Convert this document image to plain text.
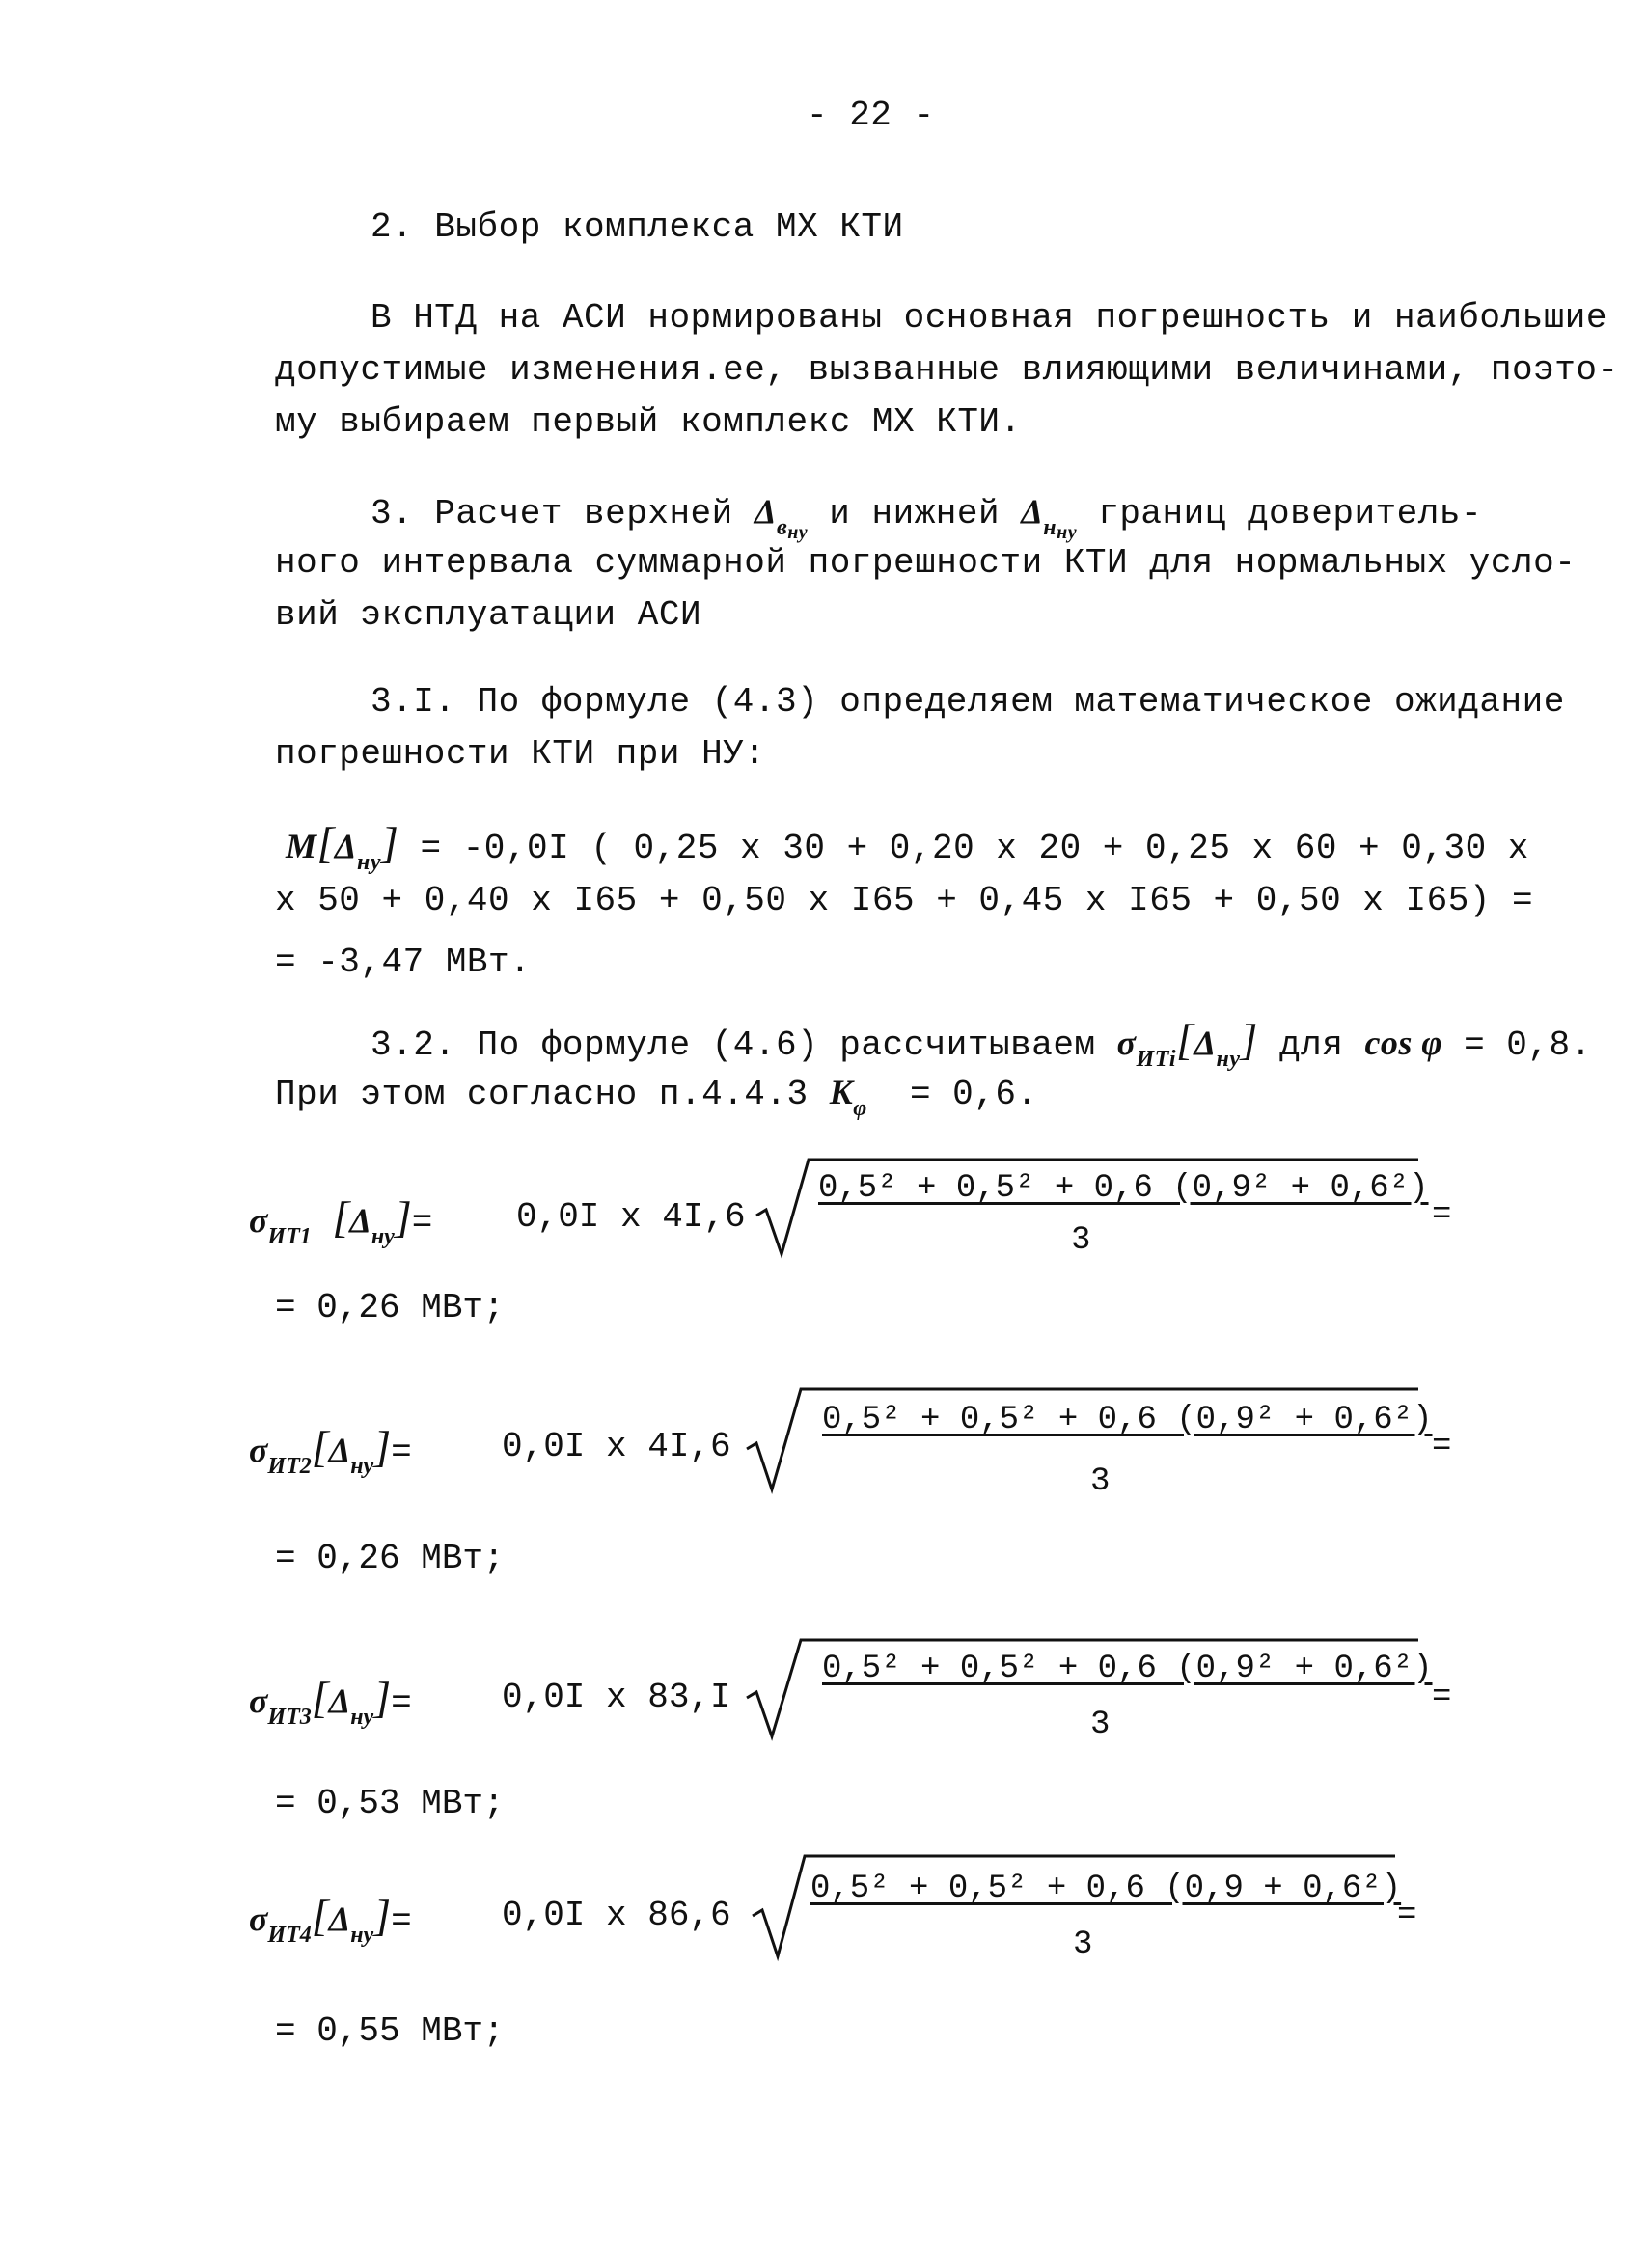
- 22 -
2. Выбор комплекса МХ КТИ
В НТД на АСИ нормированы основная погрешность и наибольшие
допустимые изменения.ее, вызванные влияющими величинами, поэто-
му выбираем первый комплекс МХ КТИ.
3. Расчет верхней $\Delta_{вну}$ и нижней $\Delta_{нну}$ границ доверитель-
ного интервала суммарной погрешности КТИ для нормальных усло-
вий эксплуатации АСИ
3.I. По формуле (4.3) определяем математическое ожидание
погрешности КТИ при НУ:
$M[\Delta_{ну}] = -0,0I$ ( 0,25 x 30 + 0,20 x 20 + 0,25 x 60 + 0,30 x
x 50 + 0,40 x I65 + 0,50 x I65 + 0,45 x I65 + 0,50 x I65) =
= -3,47 МВт.
3.2. По формуле (4.6) рассчитываем $\sigma_{ИТi}[\Delta_{ну}]$ для cos φ = 0,8.
При этом согласно п.4.4.3 $K_\varphi = 0,6$.
$\sigma_{ИТ1}$ $[\Delta_{ну}]= 0,0I$ x 4I,6
0,5² + 0,5² + 0,6 (0,9² + 0,6²)
3
=
= 0,26 МВт;
$\sigma_{ИТ2}[\Delta_{ну}]=$	0,0I x 4I,6
0,5² + 0,5² + 0,6 (0,9² + 0,6²)
3
=
= 0,26 МВт;
$\sigma_{ИТ3}[\Delta_{ну}]=$	0,0I x 83,I
0,5² + 0,5² + 0,6 (0,9² + 0,6²)
3
=
= 0,53 МВт;
$\sigma_{ИТ4}[\Delta_{ну}]=$	0,0I x 86,6
0,5² + 0,5² + 0,6 (0,9 + 0,6²)
3
=
= 0,55 МВт;
